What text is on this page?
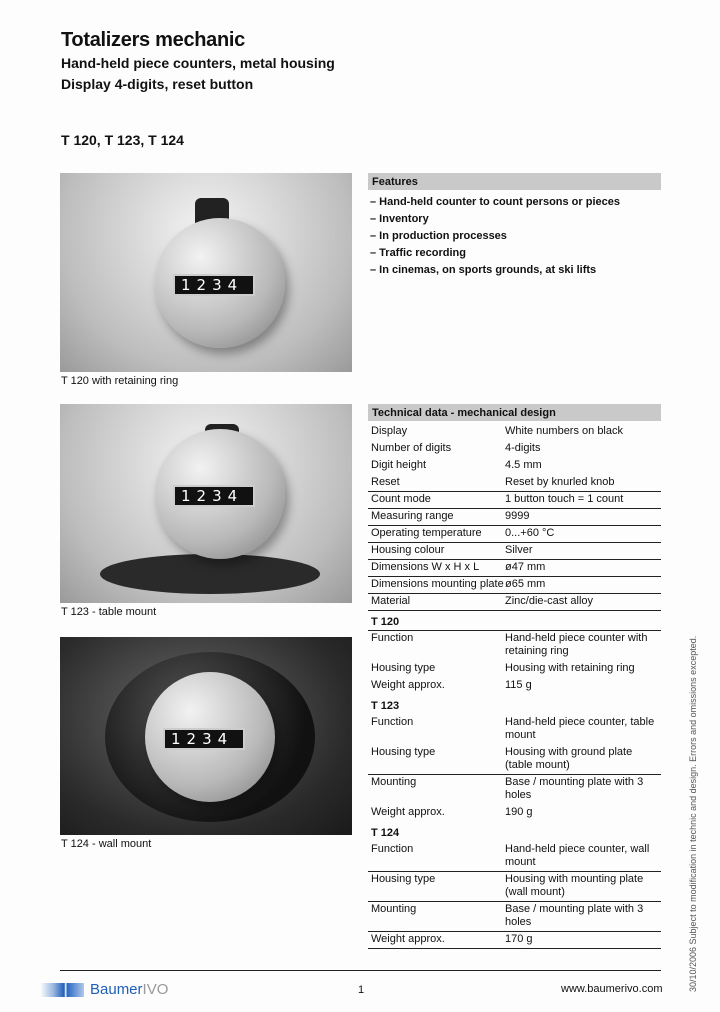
Totalizers mechanic
Hand-held piece counters, metal housing
Display 4-digits, reset button
T 120, T 123, T 124
1234
T 120 with retaining ring
1234
T 123 - table mount
1234
T 124 - wall mount
Features
– Hand-held counter to count persons or pieces
– Inventory
– In production processes
– Traffic recording
– In cinemas, on sports grounds, at ski lifts
Technical data - mechanical design
Display	White numbers on black
Number of digits	4-digits
Digit height	4.5 mm
Reset	Reset by knurled knob
Count mode	1 button touch = 1 count
Measuring range	9999
Operating temperature	0...+60 °C
Housing colour	Silver
Dimensions W x H x L	ø47 mm
Dimensions mounting plate ø65 mm
Material	Zinc/die-cast alloy
T 120
Function	Hand-held piece counter with retaining ring
Housing type	Housing with retaining ring
Weight approx.	115 g
T 123
Function	Hand-held piece counter, table mount
Housing type	Housing with ground plate (table mount)
Mounting	Base / mounting plate with 3 holes
Weight approx.	190 g
T 124
Function	Hand-held piece counter, wall mount
Housing type	Housing with mounting plate (wall mount)
Mounting	Base / mounting plate with 3 holes
Weight approx.	170 g
Baumer IVO	1	www.baumerivo.com	30/10/2006 Subject to modification in technic and design. Errors and omissions excepted.
